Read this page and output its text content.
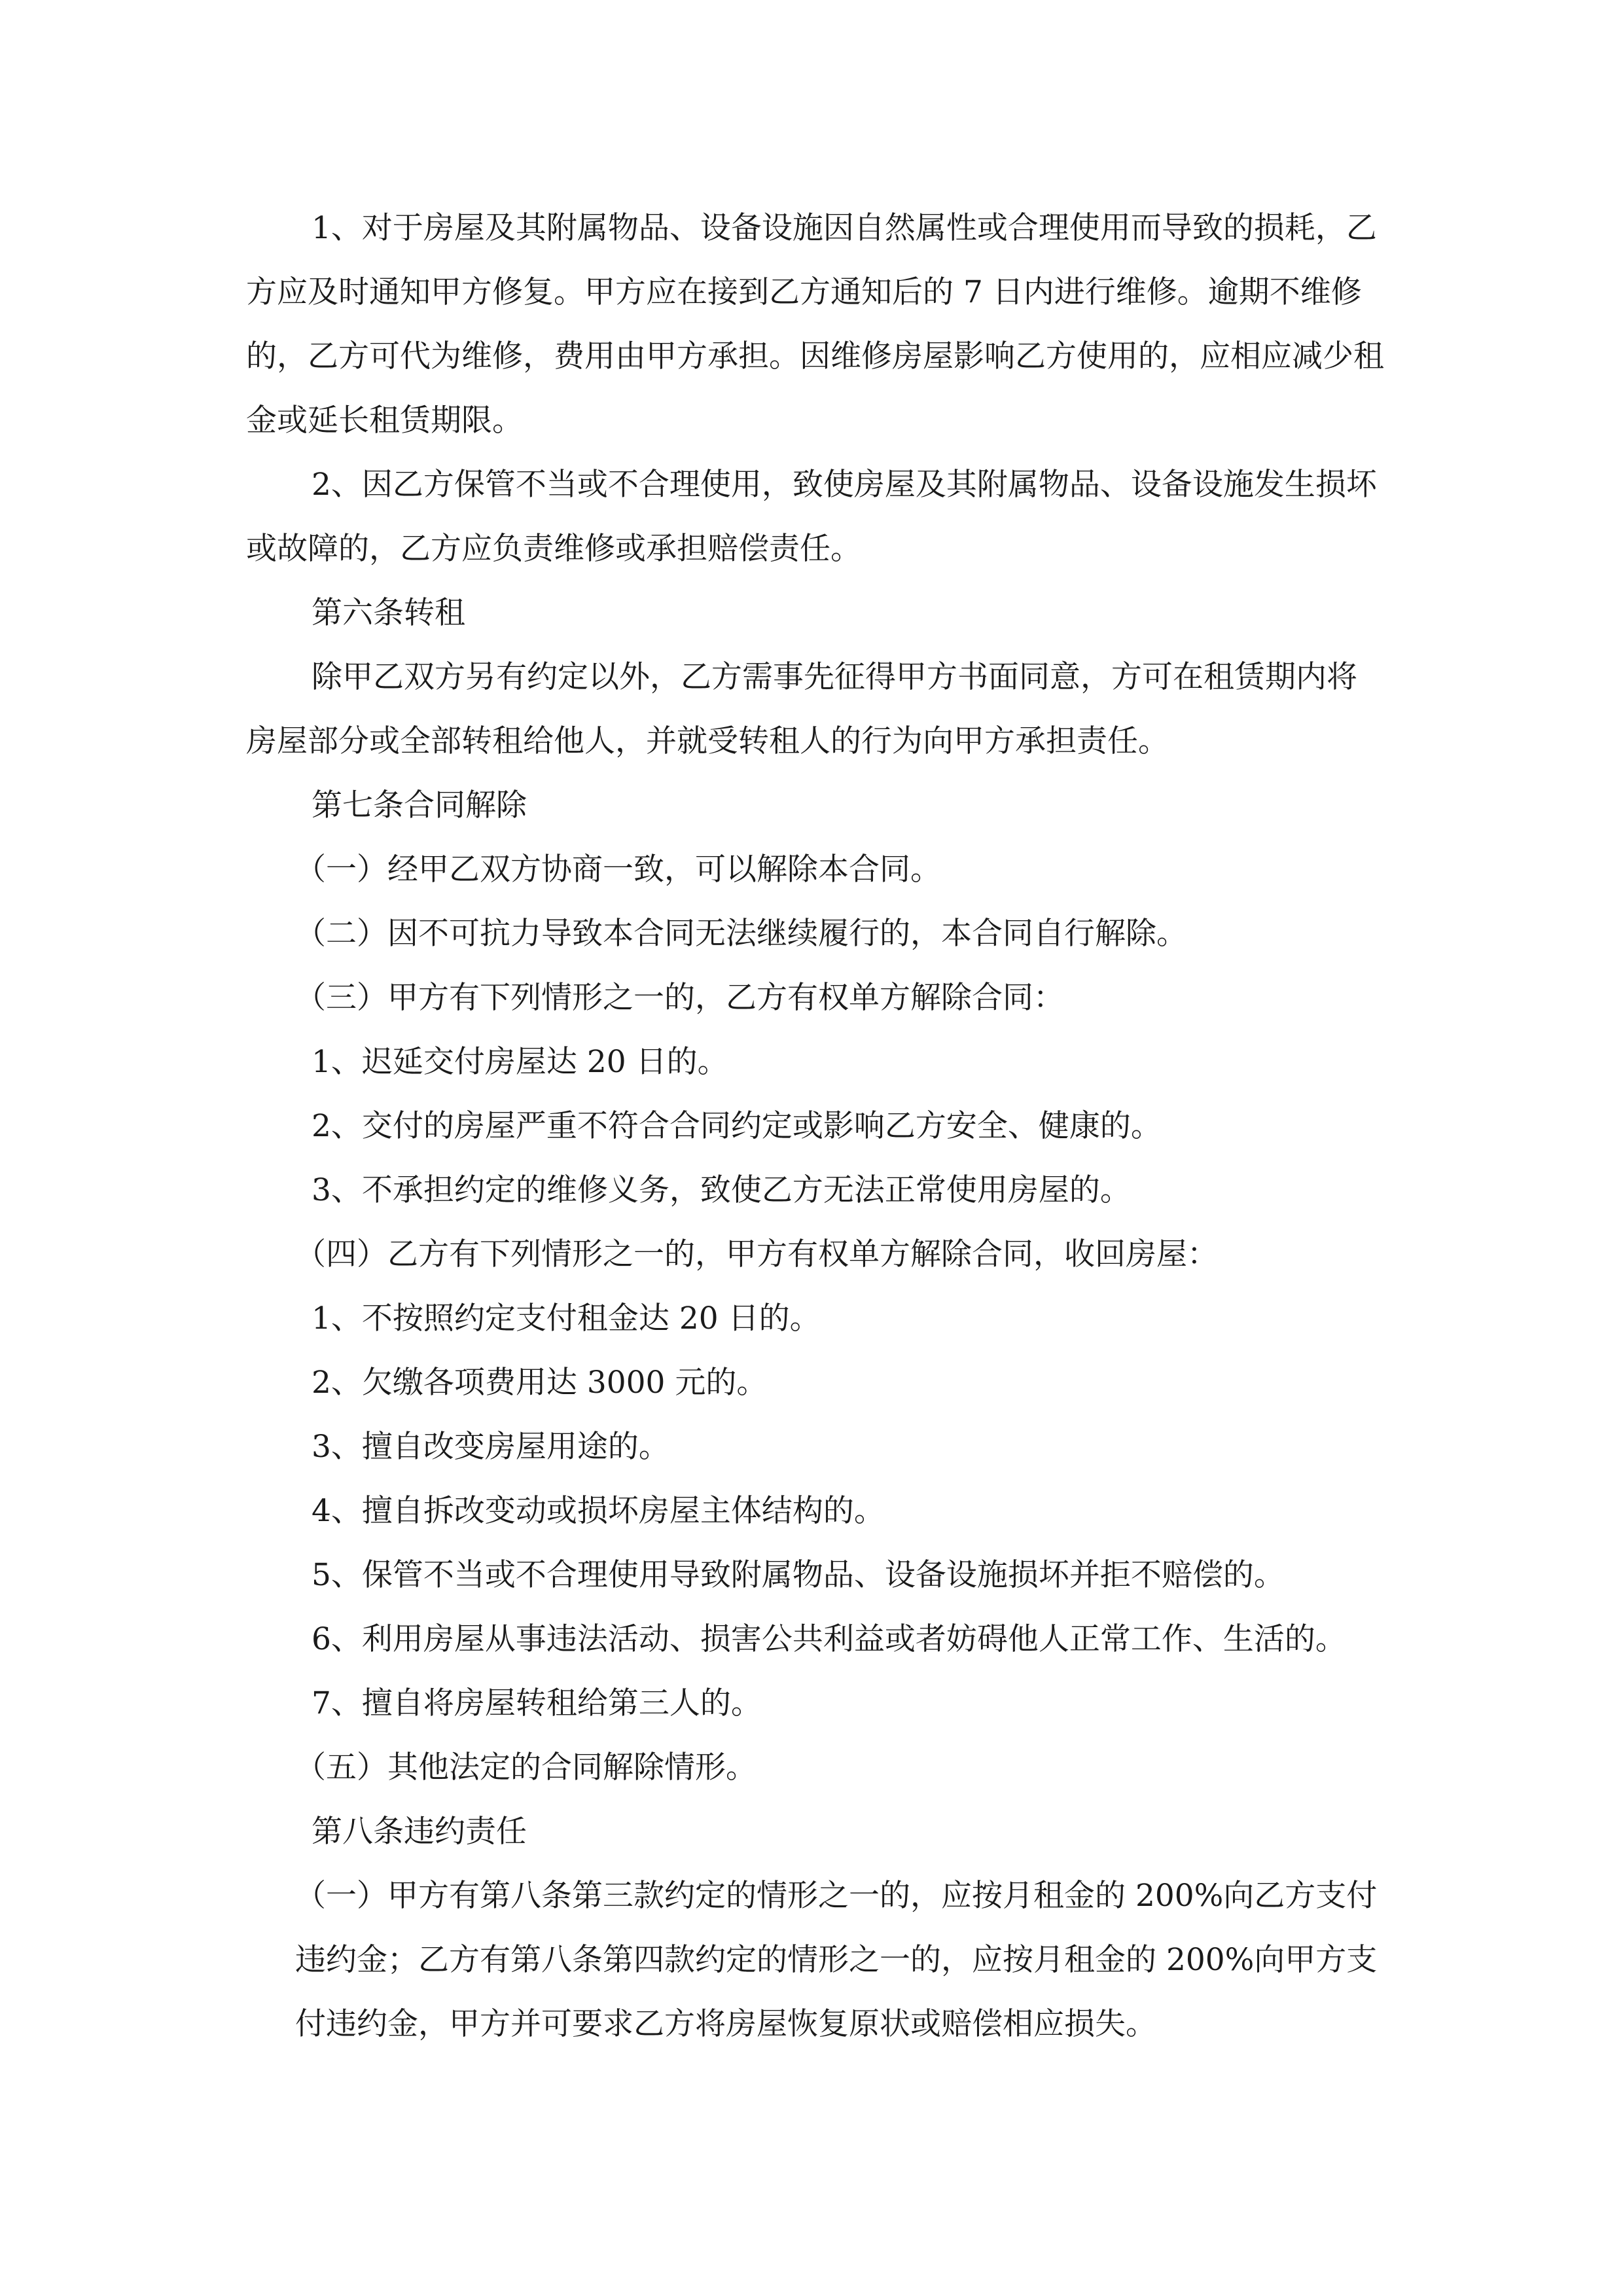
1、对于房屋及其附属物品、设备设施因自然属性或合理使用而导致的损耗，乙方应及时通知甲方修复。甲方应在接到乙方通知后的 7 日内进行维修。逾期不维修的，乙方可代为维修，费用由甲方承担。因维修房屋影响乙方使用的，应相应减少租金或延长租赁期限。

2、因乙方保管不当或不合理使用，致使房屋及其附属物品、设备设施发生损坏或故障的，乙方应负责维修或承担赔偿责任。

第六条转租

除甲乙双方另有约定以外，乙方需事先征得甲方书面同意，方可在租赁期内将房屋部分或全部转租给他人，并就受转租人的行为向甲方承担责任。

第七条合同解除

（一）经甲乙双方协商一致，可以解除本合同。

（二）因不可抗力导致本合同无法继续履行的，本合同自行解除。

（三）甲方有下列情形之一的，乙方有权单方解除合同：

1、迟延交付房屋达 20 日的。

2、交付的房屋严重不符合合同约定或影响乙方安全、健康的。

3、不承担约定的维修义务，致使乙方无法正常使用房屋的。

（四）乙方有下列情形之一的，甲方有权单方解除合同，收回房屋：

1、不按照约定支付租金达 20 日的。

2、欠缴各项费用达 3000 元的。

3、擅自改变房屋用途的。

4、擅自拆改变动或损坏房屋主体结构的。

5、保管不当或不合理使用导致附属物品、设备设施损坏并拒不赔偿的。

6、利用房屋从事违法活动、损害公共利益或者妨碍他人正常工作、生活的。

7、擅自将房屋转租给第三人的。

（五）其他法定的合同解除情形。

第八条违约责任

（一）甲方有第八条第三款约定的情形之一的，应按月租金的 200%向乙方支付违约金；乙方有第八条第四款约定的情形之一的，应按月租金的 200%向甲方支付违约金，甲方并可要求乙方将房屋恢复原状或赔偿相应损失。
